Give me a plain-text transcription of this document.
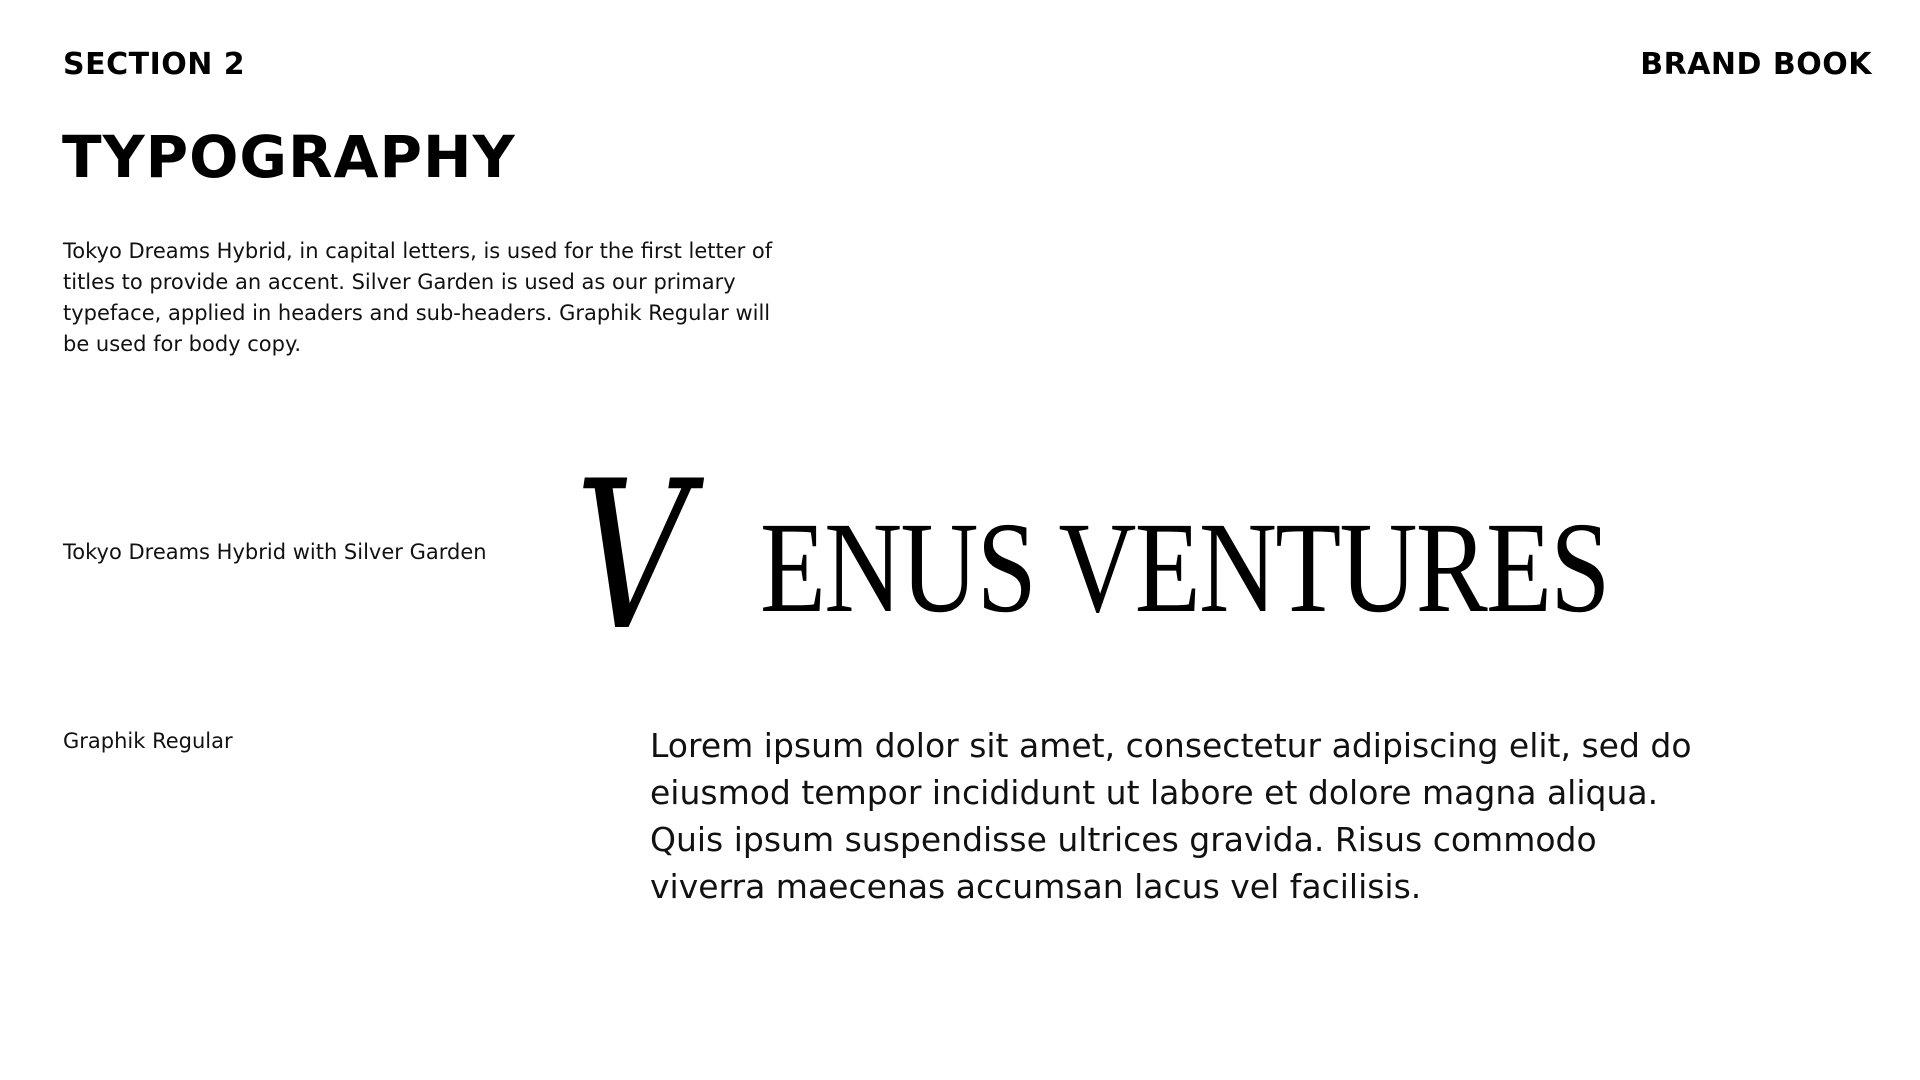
SECTION 2	BRAND BOOK
TYPOGRAPHY

Tokyo Dreams Hybrid, in capital letters, is used for the first letter of titles to provide an accent. Silver Garden is used as our primary typeface, applied in headers and sub-headers. Graphik Regular will be used for body copy.

Tokyo Dreams Hybrid with Silver Garden V ENUS VENTURES
Graphik Regular	Lorem ipsum dolor sit amet, consectetur adipiscing elit, sed do eiusmod tempor incididunt ut labore et dolore magna aliqua. Quis ipsum suspendisse ultrices gravida. Risus commodo viverra maecenas accumsan lacus vel facilisis.
